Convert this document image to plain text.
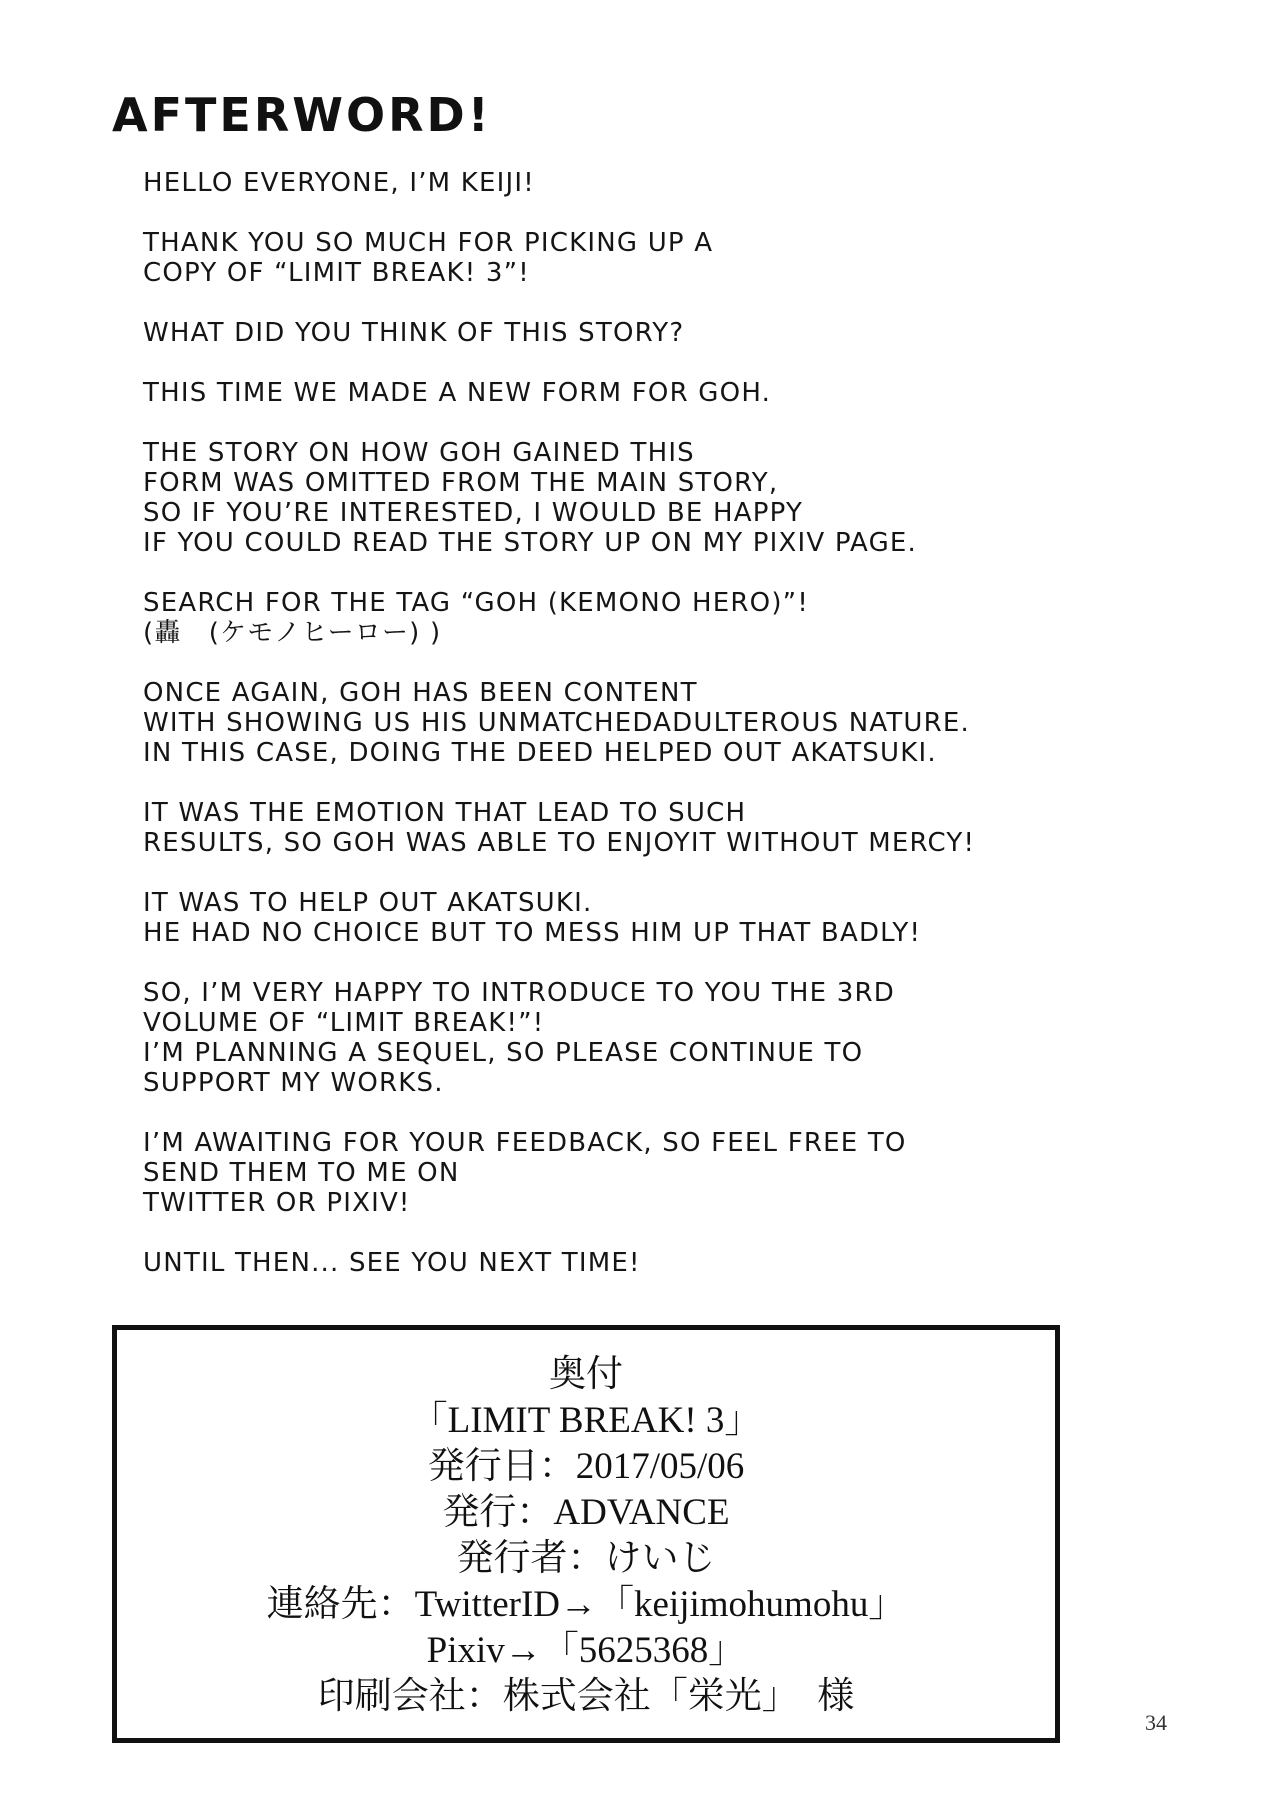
AFTERWORD!

HELLO EVERYONE, I’M KEIJI!

THANK YOU SO MUCH FOR PICKING UP A
COPY OF “LIMIT BREAK! 3”!

WHAT DID YOU THINK OF THIS STORY?

THIS TIME WE MADE A NEW FORM FOR GOH.

THE STORY ON HOW GOH GAINED THIS
FORM WAS OMITTED FROM THE MAIN STORY,
SO IF YOU’RE INTERESTED, I WOULD BE HAPPY
IF YOU COULD READ THE STORY UP ON MY PIXIV PAGE.

SEARCH FOR THE TAG “GOH (KEMONO HERO)”!
(轟　(ケモノヒーロー) )

ONCE AGAIN, GOH HAS BEEN CONTENT
WITH SHOWING US HIS UNMATCHEDADULTEROUS NATURE.
IN THIS CASE, DOING THE DEED HELPED OUT AKATSUKI.

IT WAS THE EMOTION THAT LEAD TO SUCH
RESULTS, SO GOH WAS ABLE TO ENJOYIT WITHOUT MERCY!

IT WAS TO HELP OUT AKATSUKI.
HE HAD NO CHOICE BUT TO MESS HIM UP THAT BADLY!

SO, I’M VERY HAPPY TO INTRODUCE TO YOU THE 3RD
VOLUME OF “LIMIT BREAK!”!
I’M PLANNING A SEQUEL, SO PLEASE CONTINUE TO
SUPPORT MY WORKS.

I’M AWAITING FOR YOUR FEEDBACK, SO FEEL FREE TO
SEND THEM TO ME ON
TWITTER OR PIXIV!

UNTIL THEN... SEE YOU NEXT TIME!

奥付
「LIMIT BREAK! 3」
発行日：2017/05/06
発行：ADVANCE
発行者：けいじ
連絡先：TwitterID→「keijimohumohu」
Pixiv→「5625368」
印刷会社：株式会社「栄光」　様
34
